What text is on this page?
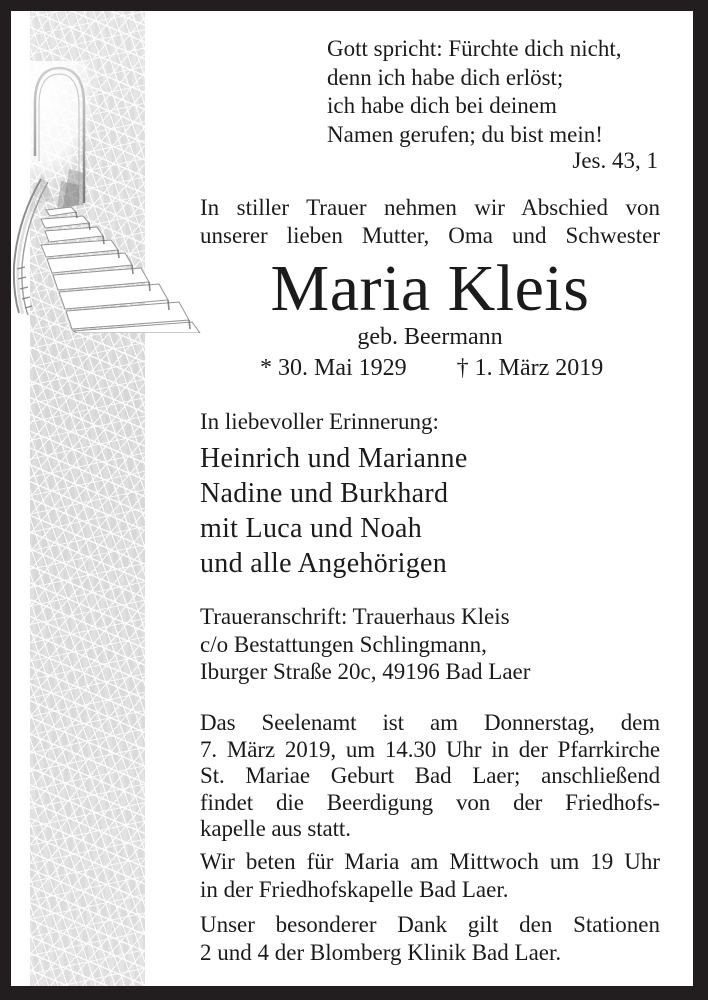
Gott spricht: Fürchte dich nicht,
denn ich habe dich erlöst;
ich habe dich bei deinem
Namen gerufen; du bist mein!
Jes. 43, 1
In stiller Trauer nehmen wir Abschied von
unserer lieben Mutter, Oma und Schwester
Maria Kleis
geb. Beermann
* 30. Mai 1929 † 1. März 2019
In liebevoller Erinnerung:
Heinrich und Marianne
Nadine und Burkhard
mit Luca und Noah
und alle Angehörigen
Traueranschrift: Trauerhaus Kleis
c/o Bestattungen Schlingmann,
Iburger Straße 20c, 49196 Bad Laer
Das Seelenamt ist am Donnerstag, dem
7. März 2019, um 14.30 Uhr in der Pfarrkirche
St. Mariae Geburt Bad Laer; anschließend
findet die Beerdigung von der Friedhofs-
kapelle aus statt.
Wir beten für Maria am Mittwoch um 19 Uhr
in der Friedhofskapelle Bad Laer.
Unser besonderer Dank gilt den Stationen
2 und 4 der Blomberg Klinik Bad Laer.
